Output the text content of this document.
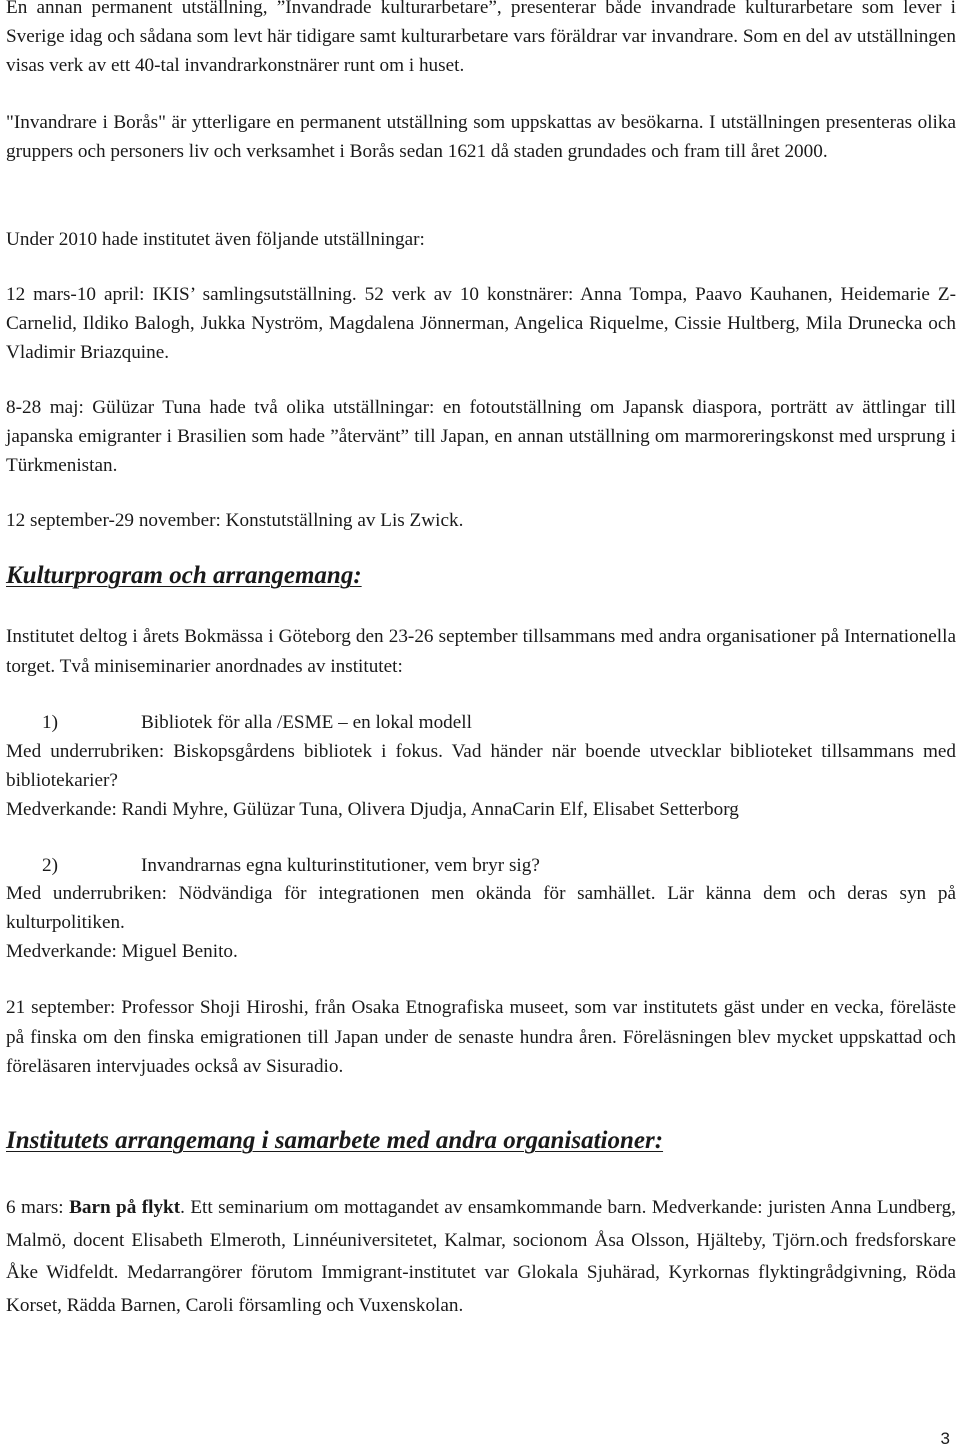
En annan permanent utställning, ”Invandrade kulturarbetare”, presenterar både invandrade kulturarbetare som lever i Sverige idag och sådana som levt här tidigare samt kulturarbetare vars föräldrar var invandrare. Som en del av utställningen visas verk av ett 40-tal invandrarkonstnärer runt om i huset.

"Invandrare i Borås" är ytterligare en permanent utställning som uppskattas av besökarna. I utställningen presenteras olika gruppers och personers liv och verksamhet i Borås sedan 1621 då staden grundades och fram till året 2000.

Under 2010 hade institutet även följande utställningar:

12 mars-10 april: IKIS’ samlingsutställning. 52 verk av 10 konstnärer: Anna Tompa, Paavo Kauhanen, Heidemarie Z-Carnelid, Ildiko Balogh, Jukka Nyström, Magdalena Jönnerman, Angelica Riquelme, Cissie Hultberg, Mila Drunecka och Vladimir Briazquine.

8-28 maj: Gülüzar Tuna hade två olika utställningar: en fotoutställning om Japansk diaspora, porträtt av ättlingar till japanska emigranter i Brasilien som hade ”återvänt” till Japan, en annan utställning om marmoreringskonst med ursprung i Türkmenistan.

12 september-29 november: Konstutställning av Lis Zwick.

Kulturprogram och arrangemang:

Institutet deltog i årets Bokmässa i Göteborg den 23-26 september tillsammans med andra organisationer på Internationella torget. Två miniseminarier anordnades av institutet:

1)	Bibliotek för alla /ESME – en lokal modell

Med underrubriken: Biskopsgårdens bibliotek i fokus. Vad händer när boende utvecklar biblioteket tillsammans med bibliotekarier?

Medverkande: Randi Myhre, Gülüzar Tuna, Olivera Djudja, AnnaCarin Elf, Elisabet Setterborg

2)	Invandrarnas egna kulturinstitutioner, vem bryr sig?

Med underrubriken: Nödvändiga för integrationen men okända för samhället. Lär känna dem och deras syn på kulturpolitiken.

Medverkande: Miguel Benito.

21 september: Professor Shoji Hiroshi, från Osaka Etnografiska museet, som var institutets gäst under en vecka, föreläste på finska om den finska emigrationen till Japan under de senaste hundra åren. Föreläsningen blev mycket uppskattad och föreläsaren intervjuades också av Sisuradio.

Institutets arrangemang i samarbete med andra organisationer:

6 mars: Barn på flykt. Ett seminarium om mottagandet av ensamkommande barn. Medverkande: juristen Anna Lundberg, Malmö, docent Elisabeth Elmeroth, Linnéuniversitetet, Kalmar, socionom Åsa Olsson, Hjälteby, Tjörn.och fredsforskare Åke Widfeldt. Medarrangörer förutom Immigrant-institutet var Glokala Sjuhärad, Kyrkornas flyktingrådgivning, Röda Korset, Rädda Barnen, Caroli församling och Vuxenskolan.

3
